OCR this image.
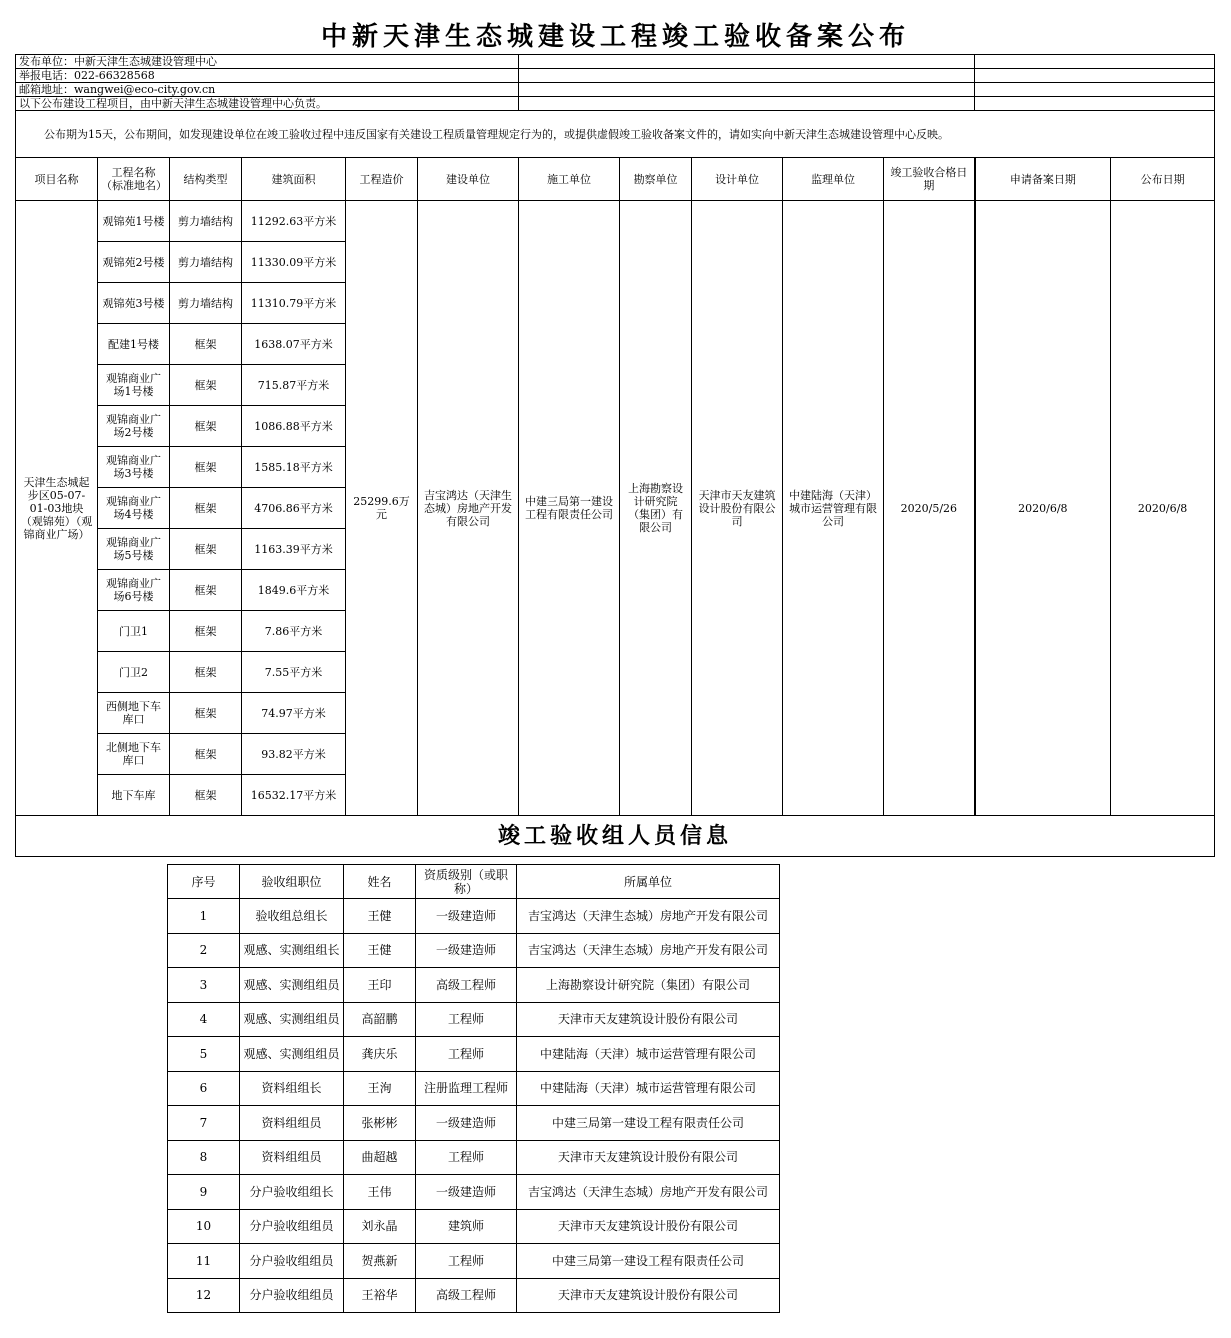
中新天津生态城建设工程竣工验收备案公布
发布单位：中新天津生态城建设管理中心												
举报电话：022-66328568												
邮箱地址：wangwei@eco-city.gov.cn												
以下公布建设工程项目，由中新天津生态城建设管理中心负责。												
公布期为15天，公布期间，如发现建设单位在竣工验收过程中违反国家有关建设工程质量管理规定行为的，或提供虚假竣工验收备案文件的，请如实向中新天津生态城建设管理中心反映。												
项目名称	工程名称（标准地名）	结构类型	建筑面积	工程造价	建设单位	施工单位	勘察单位	设计单位	监理单位	竣工验收合格日期	申请备案日期	公布日期
天津生态城起步区05-07-01-03地块（观锦苑）（观锦商业广场）	观锦苑1号楼	剪力墙结构	11292.63平方米	25299.6万元	吉宝鸿达（天津生态城）房地产开发有限公司	中建三局第一建设工程有限责任公司	上海勘察设计研究院（集团）有限公司	天津市天友建筑设计股份有限公司	中建陆海（天津）城市运营管理有限公司	2020/5/26	2020/6/8	2020/6/8
	观锦苑2号楼	剪力墙结构	11330.09平方米									
	观锦苑3号楼	剪力墙结构	11310.79平方米									
	配建1号楼	框架	1638.07平方米									
	观锦商业广场1号楼	框架	715.87平方米									
	观锦商业广场2号楼	框架	1086.88平方米									
	观锦商业广场3号楼	框架	1585.18平方米									
	观锦商业广场4号楼	框架	4706.86平方米									
	观锦商业广场5号楼	框架	1163.39平方米									
	观锦商业广场6号楼	框架	1849.6平方米									
	门卫1	框架	7.86平方米									
	门卫2	框架	7.55平方米									
	西侧地下车库口	框架	74.97平方米									
	北侧地下车库口	框架	93.82平方米									
	地下车库	框架	16532.17平方米									
竣工验收组人员信息												
序号	验收组职位	姓名	资质级别（或职称）	所属单位
1	验收组总组长	王健	一级建造师	吉宝鸿达（天津生态城）房地产开发有限公司
2	观感、实测组组长	王健	一级建造师	吉宝鸿达（天津生态城）房地产开发有限公司
3	观感、实测组组员	王印	高级工程师	上海勘察设计研究院（集团）有限公司
4	观感、实测组组员	高韶鹏	工程师	天津市天友建筑设计股份有限公司
5	观感、实测组组员	龚庆乐	工程师	中建陆海（天津）城市运营管理有限公司
6	资料组组长	王洵	注册监理工程师	中建陆海（天津）城市运营管理有限公司
7	资料组组员	张彬彬	一级建造师	中建三局第一建设工程有限责任公司
8	资料组组员	曲超越	工程师	天津市天友建筑设计股份有限公司
9	分户验收组组长	王伟	一级建造师	吉宝鸿达（天津生态城）房地产开发有限公司
10	分户验收组组员	刘永晶	建筑师	天津市天友建筑设计股份有限公司
11	分户验收组组员	贺燕新	工程师	中建三局第一建设工程有限责任公司
12	分户验收组组员	王裕华	高级工程师	天津市天友建筑设计股份有限公司
